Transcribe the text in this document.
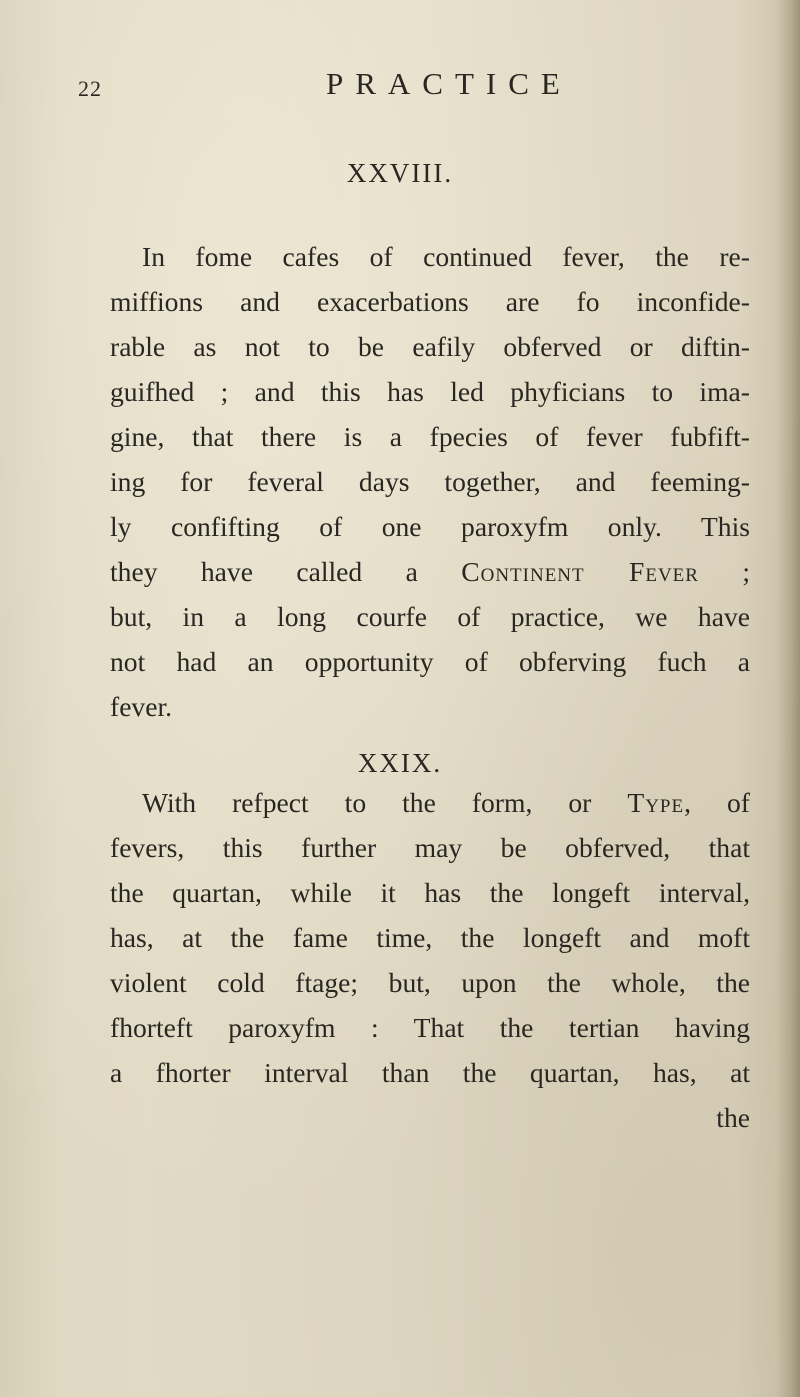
22	PRACTICE
XXVIII.
In fome cafes of continued fever, the re-
miffions and exacerbations are fo inconfide-
rable as not to be eafily obferved or diftin-
guifhed ; and this has led phyficians to ima-
gine, that there is a fpecies of fever fubfift-
ing for feveral days together, and feeming-
ly confifting of one paroxyfm only. This
they have called a Continent Fever ;
but, in a long courfe of practice, we have
not had an opportunity of obferving fuch a
fever.
XXIX.
With refpect to the form, or Type, of
fevers, this further may be obferved, that
the quartan, while it has the longeft interval,
has, at the fame time, the longeft and moft
violent cold ftage; but, upon the whole, the
fhorteft paroxyfm : That the tertian having
a fhorter interval than the quartan, has, at
the
